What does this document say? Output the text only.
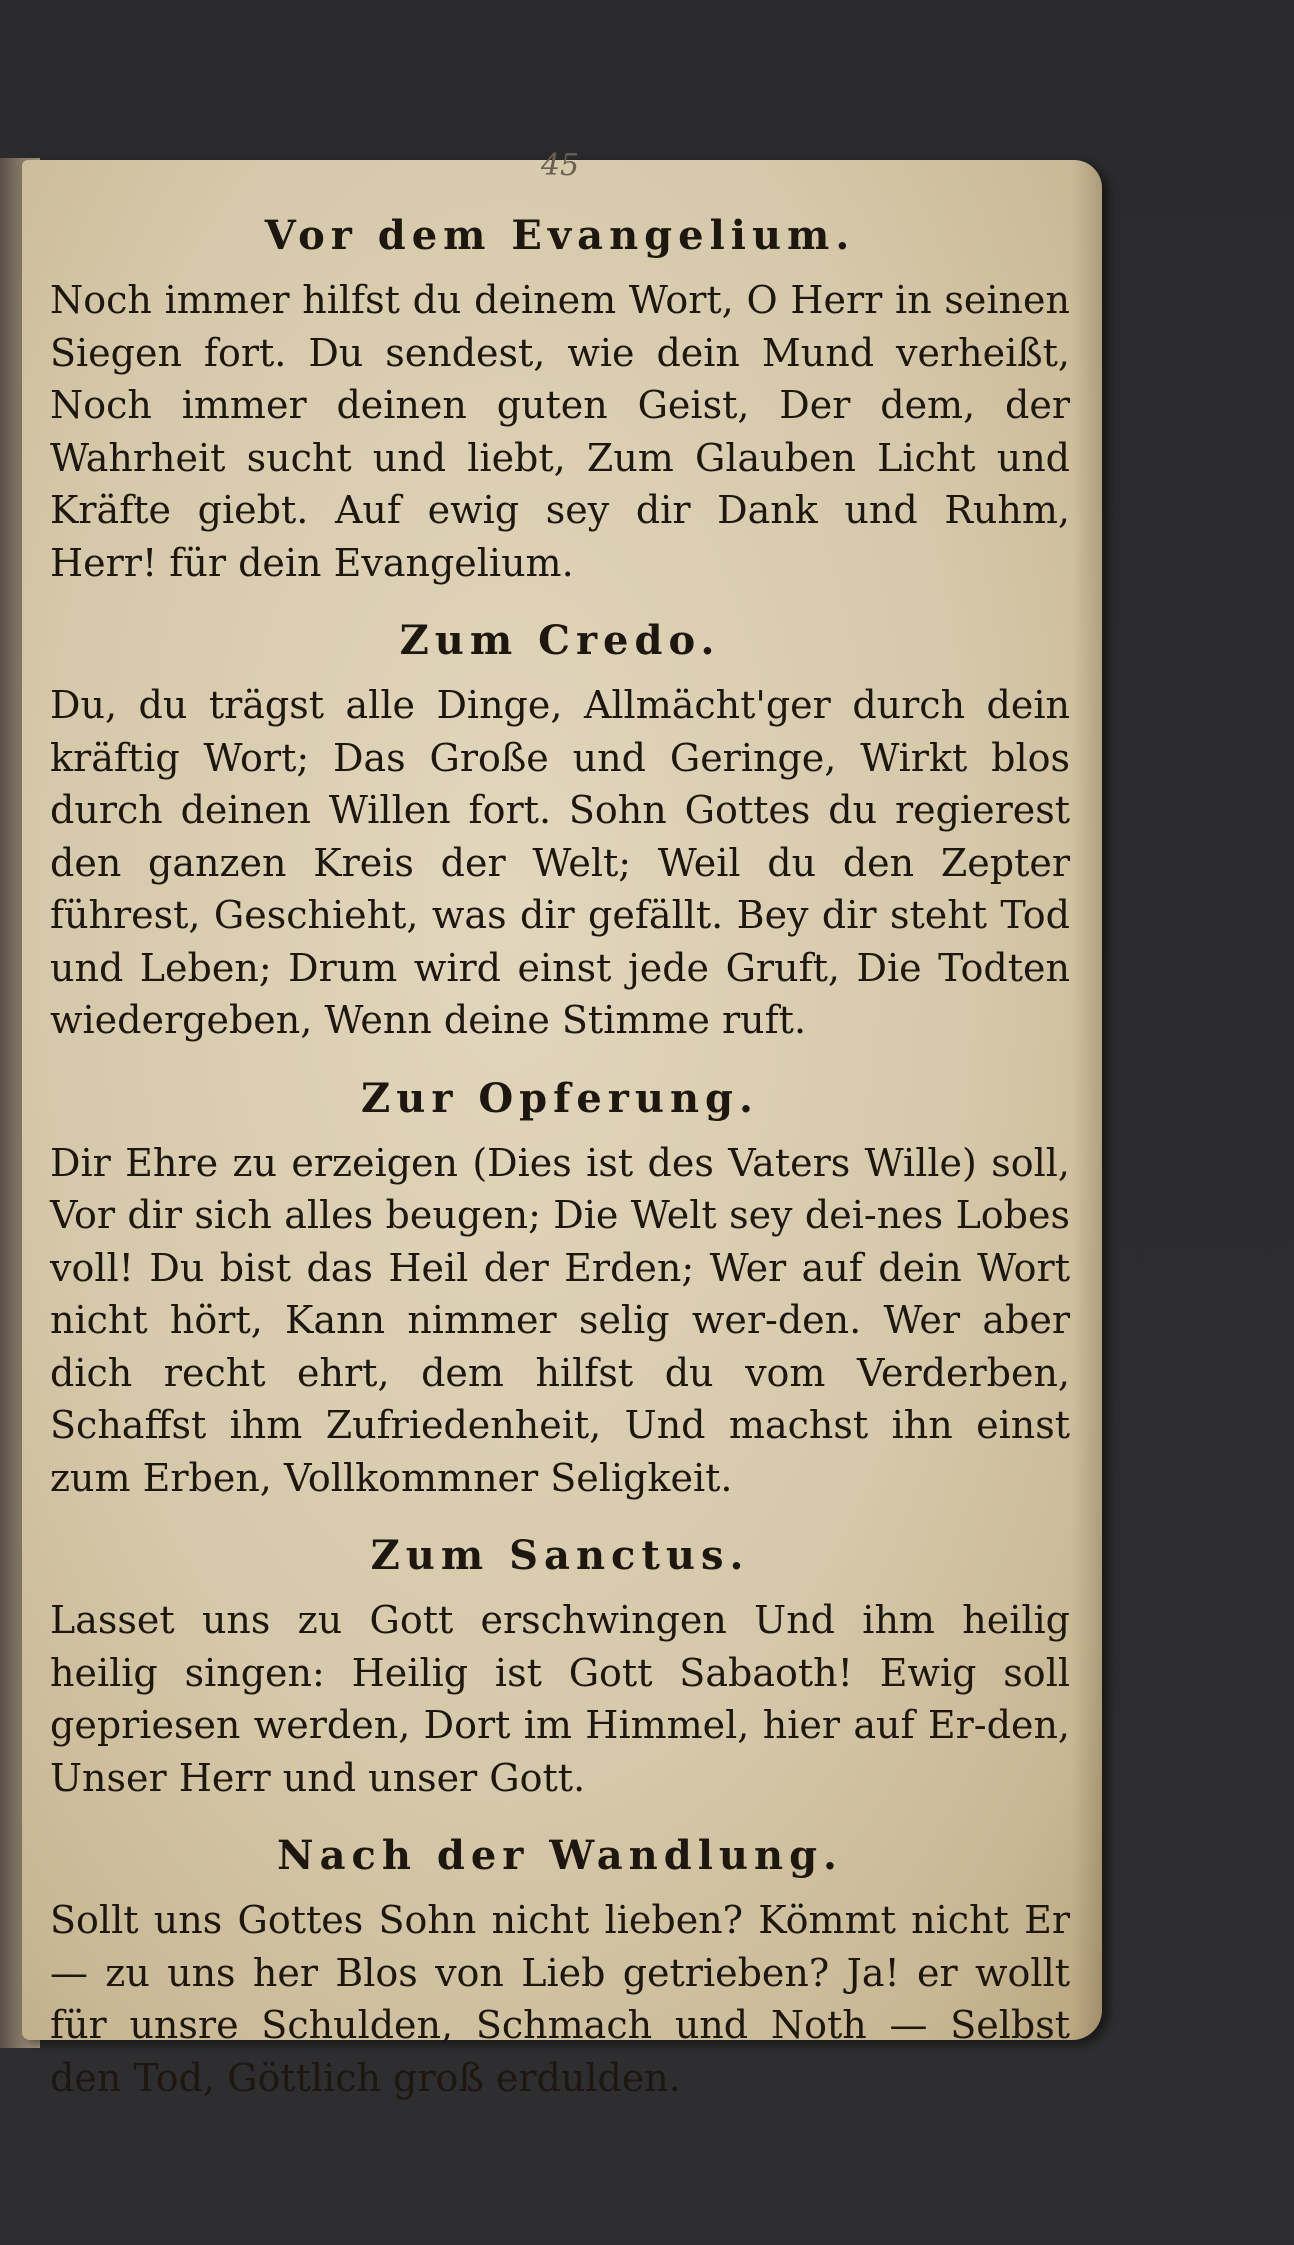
45
Vor dem Evangelium.

Noch immer hilfst du deinem Wort, O Herr in seinen Siegen fort. Du sendest, wie dein Mund verheißt, Noch immer deinen guten Geist, Der dem, der Wahrheit sucht und liebt, Zum Glauben Licht und Kräfte giebt. Auf ewig sey dir Dank und Ruhm, Herr! für dein Evangelium.

Zum Credo.

Du, du trägst alle Dinge, Allmächt'ger durch dein kräftig Wort; Das Große und Geringe, Wirkt blos durch deinen Willen fort. Sohn Gottes du regierest den ganzen Kreis der Welt; Weil du den Zepter führest, Geschieht, was dir gefällt. Bey dir steht Tod und Leben; Drum wird einst jede Gruft, Die Todten wiedergeben, Wenn deine Stimme ruft.

Zur Opferung.

Dir Ehre zu erzeigen (Dies ist des Vaters Wille) soll, Vor dir sich alles beugen; Die Welt sey dei-nes Lobes voll! Du bist das Heil der Erden; Wer auf dein Wort nicht hört, Kann nimmer selig wer-den. Wer aber dich recht ehrt, dem hilfst du vom Verderben, Schaffst ihm Zufriedenheit, Und machst ihn einst zum Erben, Vollkommner Seligkeit.

Zum Sanctus.

Lasset uns zu Gott erschwingen Und ihm heilig heilig singen: Heilig ist Gott Sabaoth! Ewig soll gepriesen werden, Dort im Himmel, hier auf Er-den, Unser Herr und unser Gott.

Nach der Wandlung.

Sollt uns Gottes Sohn nicht lieben? Kömmt nicht Er — zu uns her Blos von Lieb getrieben? Ja! er wollt für unsre Schulden, Schmach und Noth — Selbst den Tod, Göttlich groß erdulden.
